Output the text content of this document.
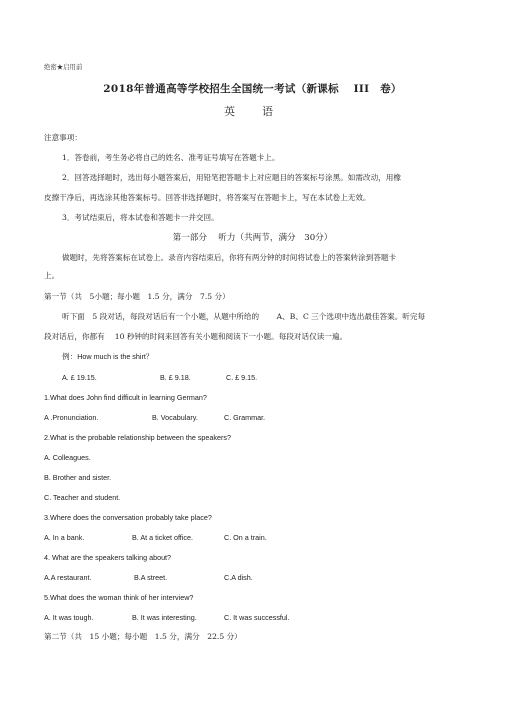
绝密★启用前
2018年普通高等学校招生全国统一考试（新课标　 III　卷）
英　语
注意事项：
1．答卷前，考生务必将自己的姓名、准考证号填写在答题卡上。
2．回答选择题时，选出每小题答案后，用铅笔把答题卡上对应题目的答案标号涂黑。如需改动，用橡
皮擦干净后，再选涂其他答案标号。回答非选择题时，将答案写在答题卡上，写在本试卷上无效。
3．考试结束后，将本试卷和答题卡一并交回。
第一部分　 听力（共两节，满分　30分）
做题时，先将答案标在试卷上。录音内容结束后，你将有两分钟的时间将试卷上的答案转涂到答题卡
上。
第一节（共　5小题；每小题　1.5 分，满分　7.5 分）
听下面　5 段对话，每段对话后有一个小题，从题中所给的　　 A、B、C 三个选项中选出最佳答案。听完每
段对话后，你都有　 10 秒钟的时间来回答有关小题和阅读下一小题。每段对话仅读一遍。
例：How much is the shirt？
A. £ 19.15.	B. £ 9.18.	C. £ 9.15.
1.What does John find difficult in learning German?
A .Pronunciation.	B. Vocabulary.	C. Grammar.
2.What is the probable relationship between the speakers?
A. Colleagues.
B. Brother and sister.
C. Teacher and student.
3.Where does the conversation probably take place?
A. In a bank.	B. At a ticket office.	C. On a train.
4. What are the speakers talking about?
A.A restaurant.	B.A street.	C.A dish.
5.What does the woman think of her interview?
A. It was tough.	B. It was interesting.	C. It was successful.
第二节（共　15 小题；每小题　1.5 分，满分　22.5 分）
